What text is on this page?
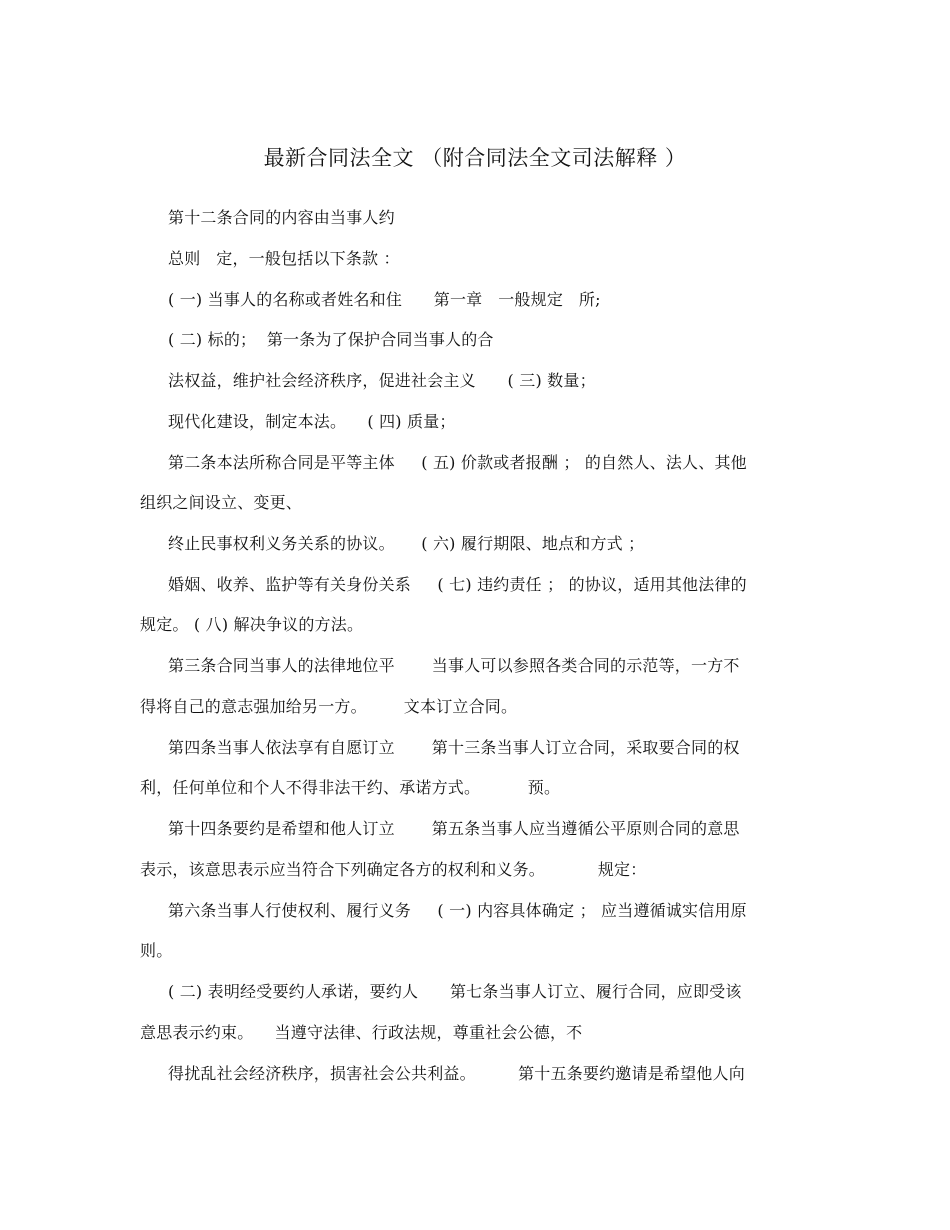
最新合同法全文 （附合同法全文司法解释 ）
第十二条合同的内容由当事人约
总则   定，一般包括以下条款 ：
( 一) 当事人的名称或者姓名和住      第一章   一般规定   所;
( 二) 标的；  第一条为了保护合同当事人的合
法权益，维护社会经济秩序，促进社会主义      ( 三) 数量；
现代化建设，制定本法。    ( 四) 质量；
第二条本法所称合同是平等主体     ( 五) 价款或者报酬 ； 的自然人、法人、其他
组织之间设立、变更、
终止民事权利义务关系的协议。     ( 六) 履行期限、地点和方式 ；
婚姻、收养、监护等有关身份关系     ( 七) 违约责任 ； 的协议，适用其他法律的
规定。 ( 八) 解决争议的方法。
第三条合同当事人的法律地位平       当事人可以参照各类合同的示范等，一方不
得将自己的意志强加给另一方。       文本订立合同。
第四条当事人依法享有自愿订立       第十三条当事人订立合同，采取要合同的权
利，任何单位和个人不得非法干约、承诺方式。         预。
第十四条要约是希望和他人订立       第五条当事人应当遵循公平原则合同的意思
表示，该意思表示应当符合下列确定各方的权利和义务。          规定：
第六条当事人行使权利、履行义务     ( 一) 内容具体确定 ； 应当遵循诚实信用原
则。
( 二) 表明经受要约人承诺，要约人      第七条当事人订立、履行合同，应即受该
意思表示约束。    当遵守法律、行政法规，尊重社会公德，不
得扰乱社会经济秩序，损害社会公共利益。        第十五条要约邀请是希望他人向
